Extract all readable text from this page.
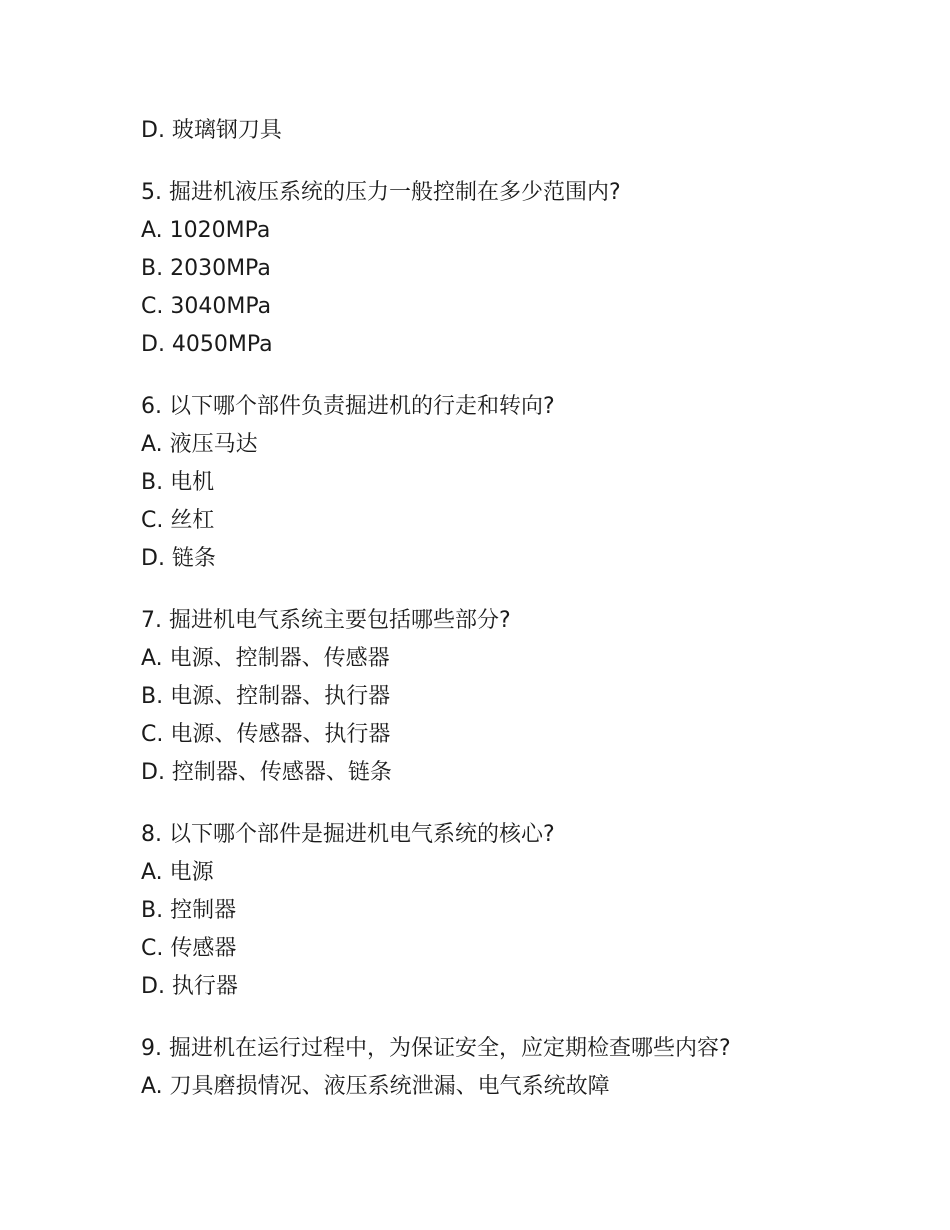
D. 玻璃钢刀具
5. 掘进机液压系统的压力一般控制在多少范围内?
A. 1020MPa
B. 2030MPa
C. 3040MPa
D. 4050MPa
6. 以下哪个部件负责掘进机的行走和转向?
A. 液压马达
B. 电机
C. 丝杠
D. 链条
7. 掘进机电气系统主要包括哪些部分?
A. 电源、控制器、传感器
B. 电源、控制器、执行器
C. 电源、传感器、执行器
D. 控制器、传感器、链条
8. 以下哪个部件是掘进机电气系统的核心?
A. 电源
B. 控制器
C. 传感器
D. 执行器
9. 掘进机在运行过程中，为保证安全，应定期检查哪些内容?
A. 刀具磨损情况、液压系统泄漏、电气系统故障
